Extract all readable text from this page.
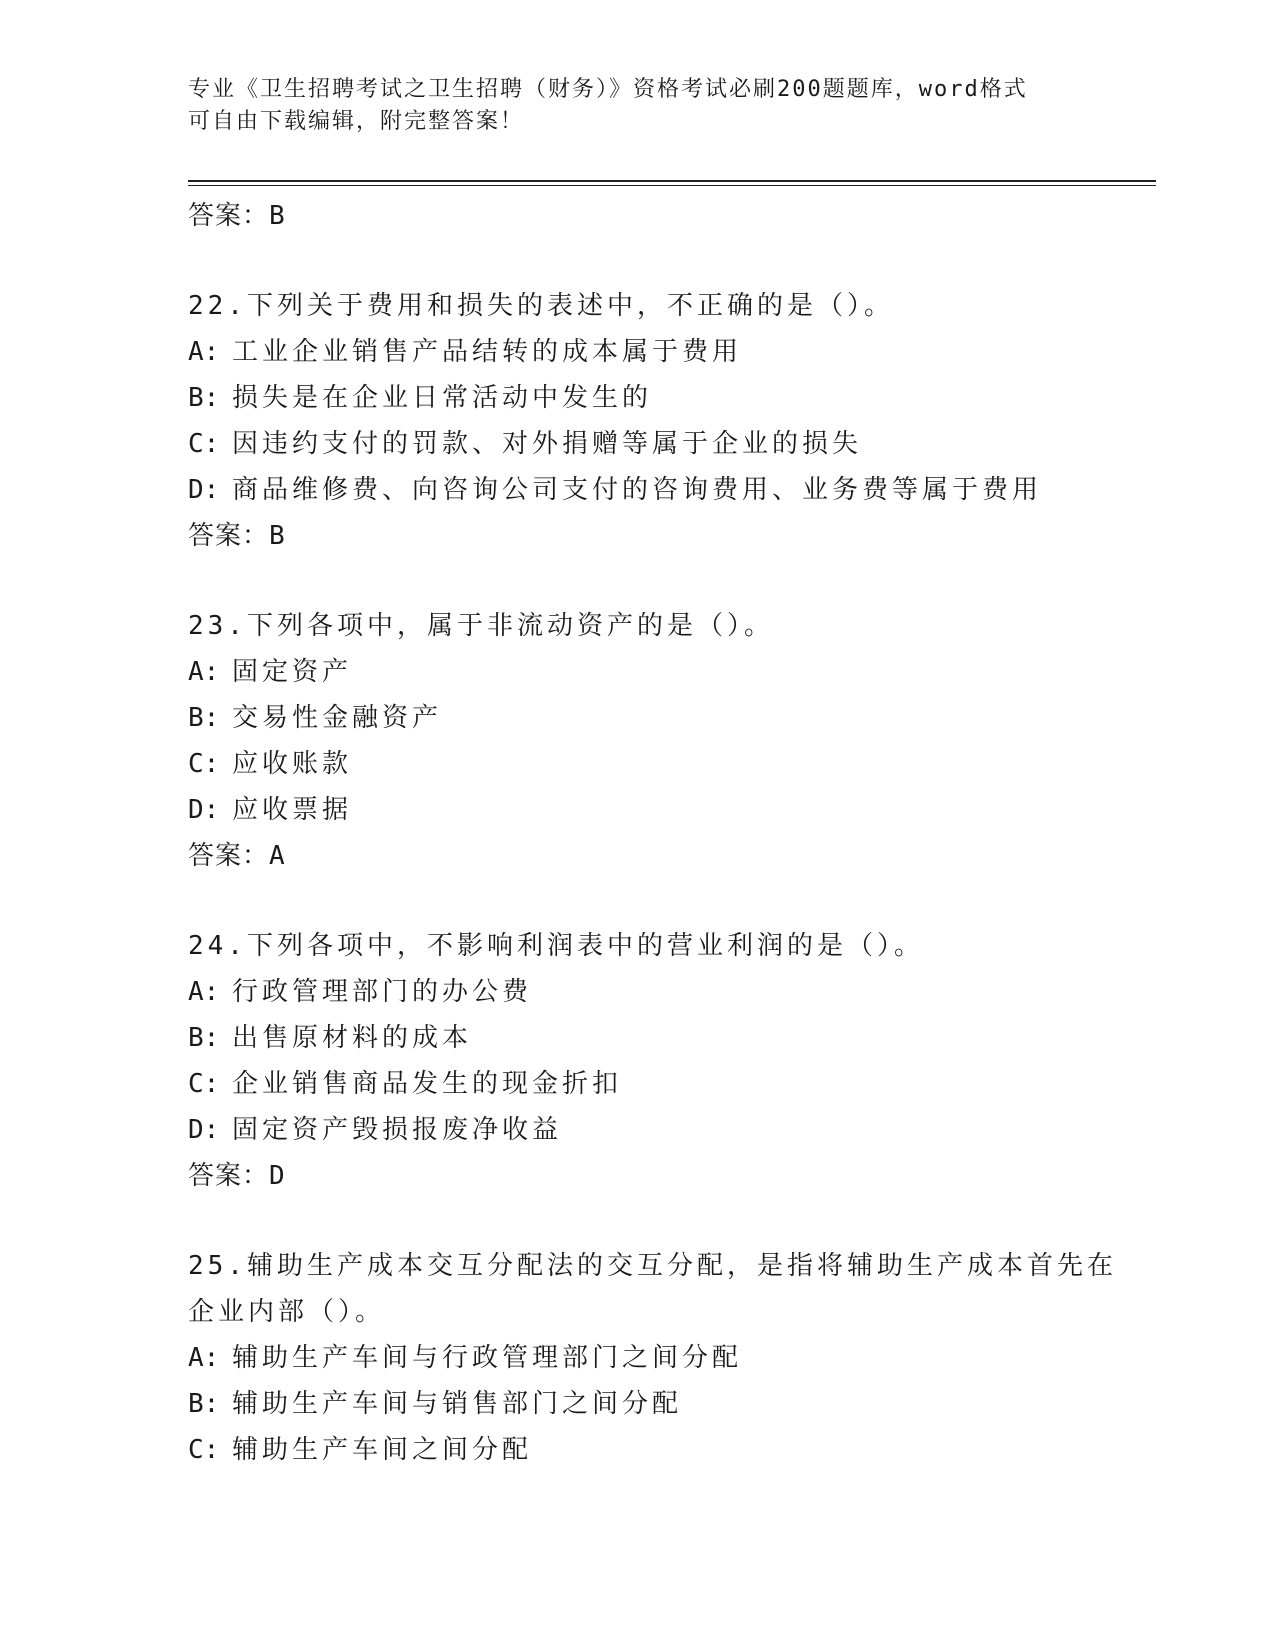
专业《卫生招聘考试之卫生招聘（财务）》资格考试必刷200题题库，word格式
可自由下载编辑，附完整答案！
答案：B
22.下列关于费用和损失的表述中，不正确的是（）。
A: 工业企业销售产品结转的成本属于费用
B: 损失是在企业日常活动中发生的
C: 因违约支付的罚款、对外捐赠等属于企业的损失
D: 商品维修费、向咨询公司支付的咨询费用、业务费等属于费用
答案：B
23.下列各项中，属于非流动资产的是（）。
A: 固定资产
B: 交易性金融资产
C: 应收账款
D: 应收票据
答案：A
24.下列各项中，不影响利润表中的营业利润的是（）。
A: 行政管理部门的办公费
B: 出售原材料的成本
C: 企业销售商品发生的现金折扣
D: 固定资产毁损报废净收益
答案：D
25.辅助生产成本交互分配法的交互分配，是指将辅助生产成本首先在
企业内部（）。
A: 辅助生产车间与行政管理部门之间分配
B: 辅助生产车间与销售部门之间分配
C: 辅助生产车间之间分配
